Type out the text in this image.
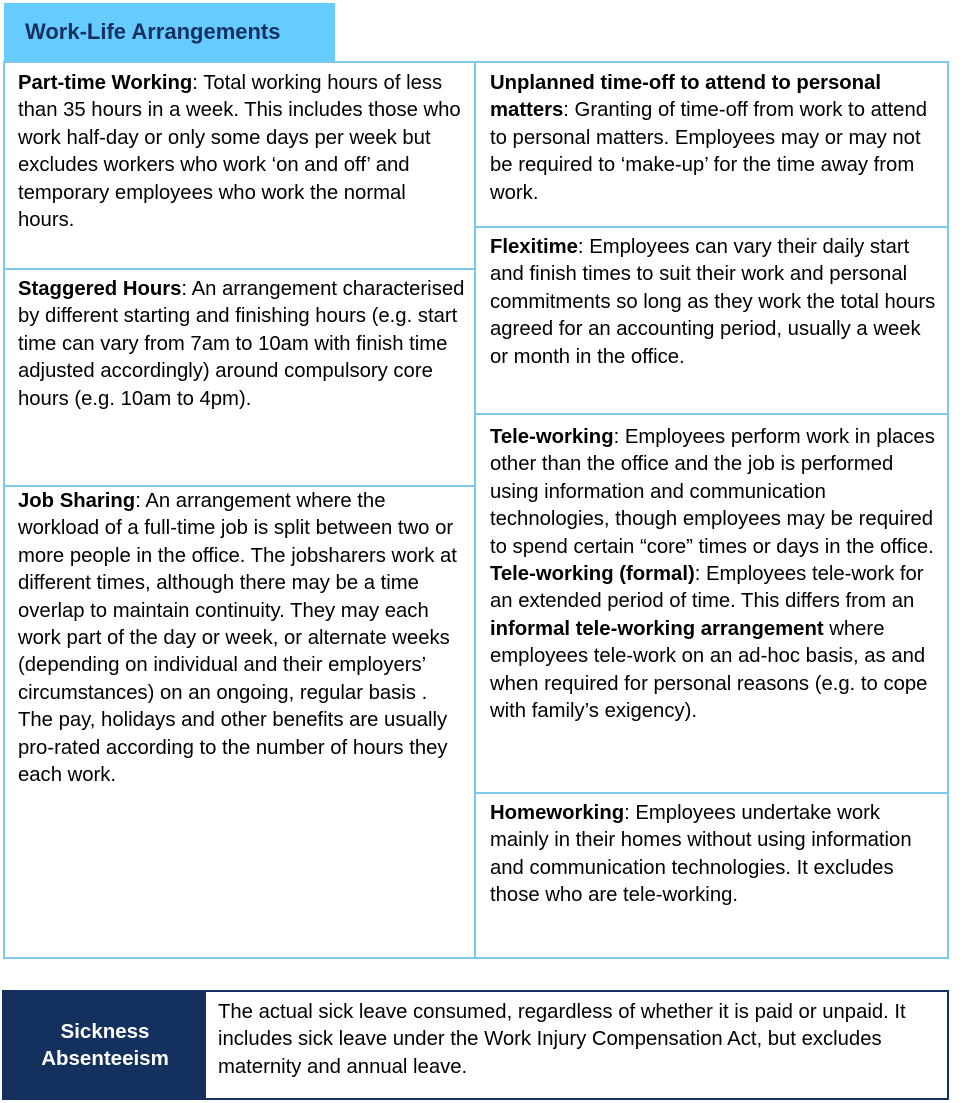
Work-Life Arrangements

Part-time Working: Total working hours of less than 35 hours in a week. This includes those who work half-day or only some days per week but excludes workers who work ‘on and off’ and temporary employees who work the normal hours.

Staggered Hours: An arrangement characterised by different starting and finishing hours (e.g. start time can vary from 7am to 10am with finish time adjusted accordingly) around compulsory core hours (e.g. 10am to 4pm).

Job Sharing: An arrangement where the workload of a full-time job is split between two or more people in the office. The jobsharers work at different times, although there may be a time overlap to maintain continuity. They may each work part of the day or week, or alternate weeks (depending on individual and their employers’ circumstances) on an ongoing, regular basis . The pay, holidays and other benefits are usually pro-rated according to the number of hours they each work.

Unplanned time-off to attend to personal matters: Granting of time-off from work to attend to personal matters. Employees may or may not be required to ‘make-up’ for the time away from work.

Flexitime: Employees can vary their daily start and finish times to suit their work and personal commitments so long as they work the total hours agreed for an accounting period, usually a week or month in the office.

Tele-working: Employees perform work in places other than the office and the job is performed using information and communication technologies, though employees may be required to spend certain “core” times or days in the office.

Tele-working (formal): Employees tele-work for an extended period of time. This differs from an informal tele-working arrangement where employees tele-work on an ad-hoc basis, as and when required for personal reasons (e.g. to cope with family’s exigency).

Homeworking: Employees undertake work mainly in their homes without using information and communication technologies. It excludes those who are tele-working.

Sickness Absenteeism
The actual sick leave consumed, regardless of whether it is paid or unpaid. It includes sick leave under the Work Injury Compensation Act, but excludes maternity and annual leave.
